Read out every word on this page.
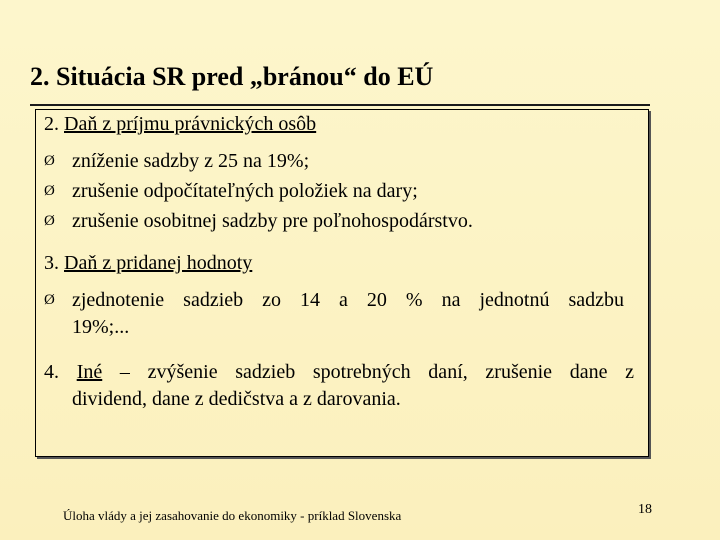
2. Situácia SR pred „bránou“ do EÚ
2. Daň z príjmu právnických osôb
Ø zníženie sadzby z 25 na 19%;
Ø zrušenie odpočítateľných položiek na dary;
Ø zrušenie osobitnej sadzby pre poľnohospodárstvo.
3. Daň z pridanej hodnoty
Ø zjednotenie sadzieb zo 14 a 20 % na jednotnú sadzbu
19%;...
4. Iné – zvýšenie sadzieb spotrebných daní, zrušenie dane z
dividend, dane z dedičstva a z darovania.
Úloha vlády a jej zasahovanie do ekonomiky - príklad Slovenska	18
